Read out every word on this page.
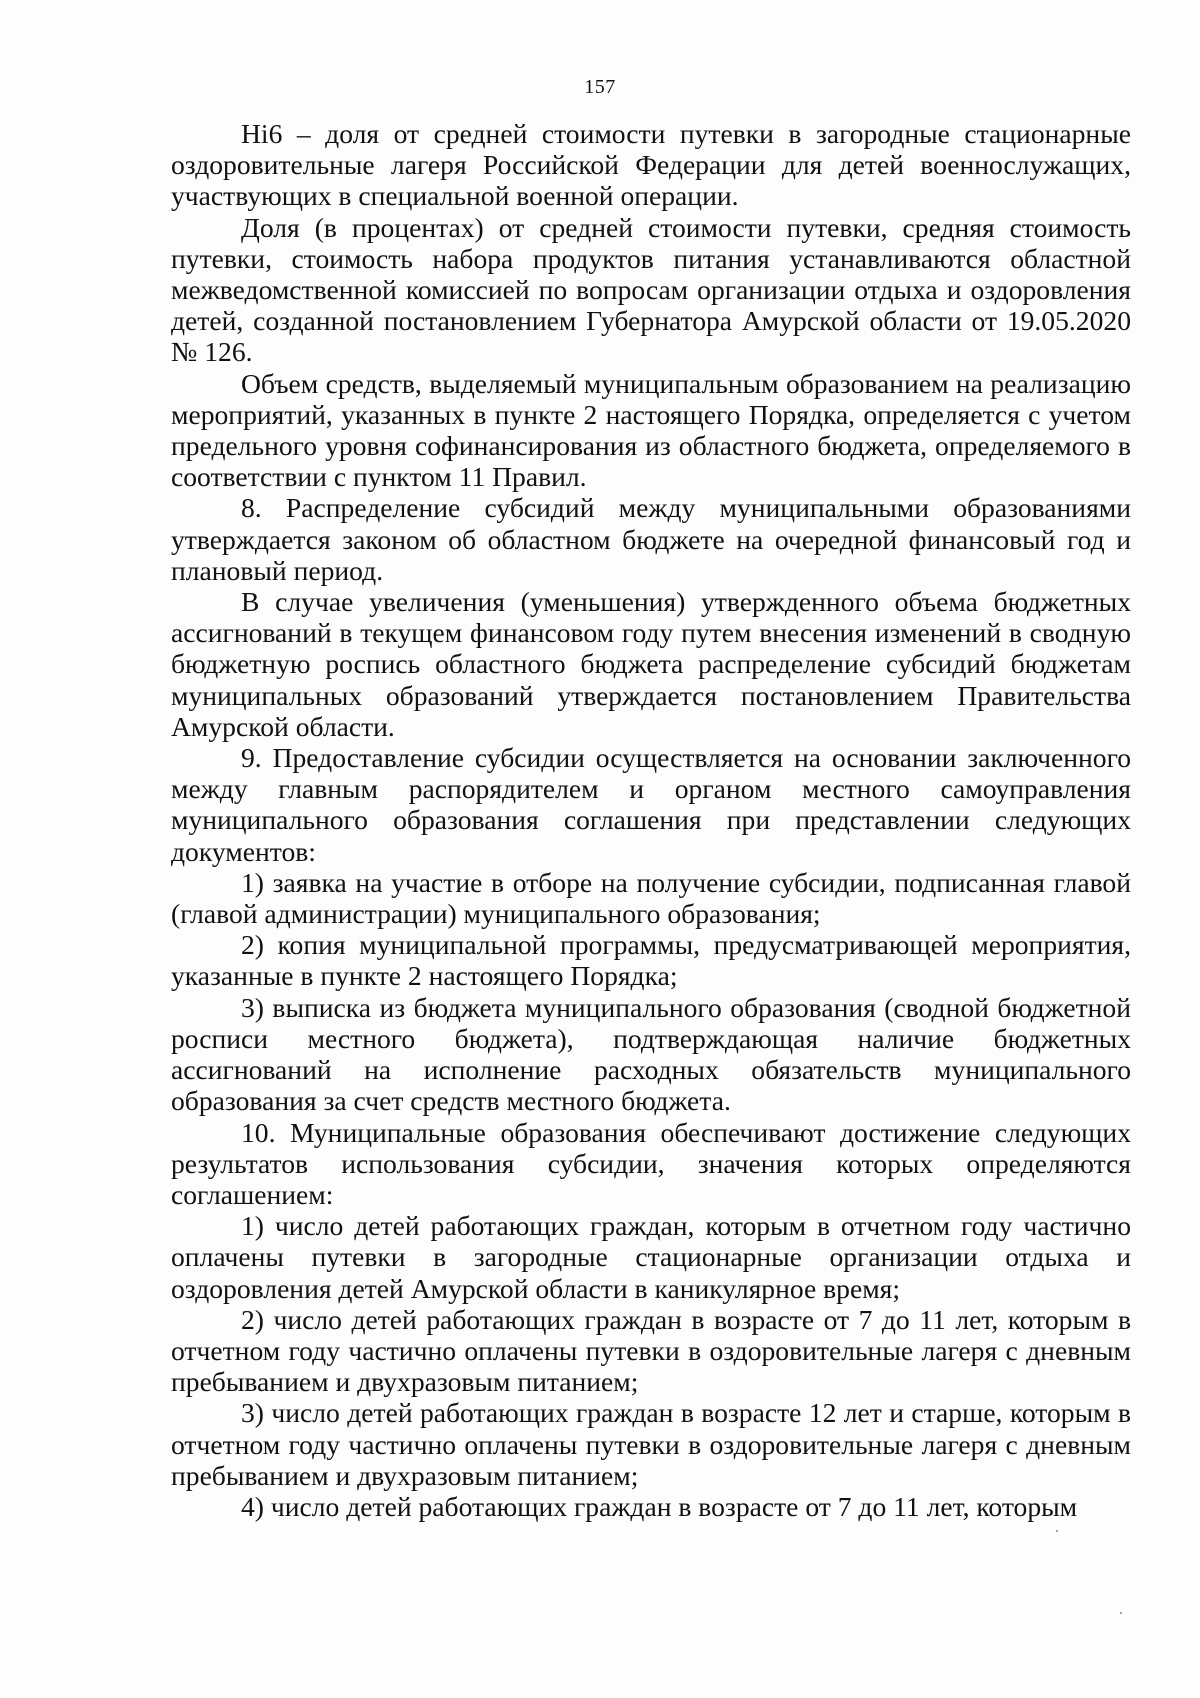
157

Hi6 – доля от средней стоимости путевки в загородные стационарные оздоровительные лагеря Российской Федерации для детей военнослужащих, участвующих в специальной военной операции.

Доля (в процентах) от средней стоимости путевки, средняя стоимость путевки, стоимость набора продуктов питания устанавливаются областной межведомственной комиссией по вопросам организации отдыха и оздоровления детей, созданной постановлением Губернатора Амурской области от 19.05.2020 № 126.

Объем средств, выделяемый муниципальным образованием на реализацию мероприятий, указанных в пункте 2 настоящего Порядка, определяется с учетом предельного уровня софинансирования из областного бюджета, определяемого в соответствии с пунктом 11 Правил.

8. Распределение субсидий между муниципальными образованиями утверждается законом об областном бюджете на очередной финансовый год и плановый период.

В случае увеличения (уменьшения) утвержденного объема бюджетных ассигнований в текущем финансовом году путем внесения изменений в сводную бюджетную роспись областного бюджета распределение субсидий бюджетам муниципальных образований утверждается постановлением Правительства Амурской области.

9. Предоставление субсидии осуществляется на основании заключенного между главным распорядителем и органом местного самоуправления муниципального образования соглашения при представлении следующих документов:

1) заявка на участие в отборе на получение субсидии, подписанная главой (главой администрации) муниципального образования;

2) копия муниципальной программы, предусматривающей мероприятия, указанные в пункте 2 настоящего Порядка;

3) выписка из бюджета муниципального образования (сводной бюджетной росписи местного бюджета), подтверждающая наличие бюджетных ассигнований на исполнение расходных обязательств муниципального образования за счет средств местного бюджета.

10. Муниципальные образования обеспечивают достижение следующих результатов использования субсидии, значения которых определяются соглашением:

1) число детей работающих граждан, которым в отчетном году частично оплачены путевки в загородные стационарные организации отдыха и оздоровления детей Амурской области в каникулярное время;

2) число детей работающих граждан в возрасте от 7 до 11 лет, которым в отчетном году частично оплачены путевки в оздоровительные лагеря с дневным пребыванием и двухразовым питанием;

3) число детей работающих граждан в возрасте 12 лет и старше, которым в отчетном году частично оплачены путевки в оздоровительные лагеря с дневным пребыванием и двухразовым питанием;

4) число детей работающих граждан в возрасте от 7 до 11 лет, которым
